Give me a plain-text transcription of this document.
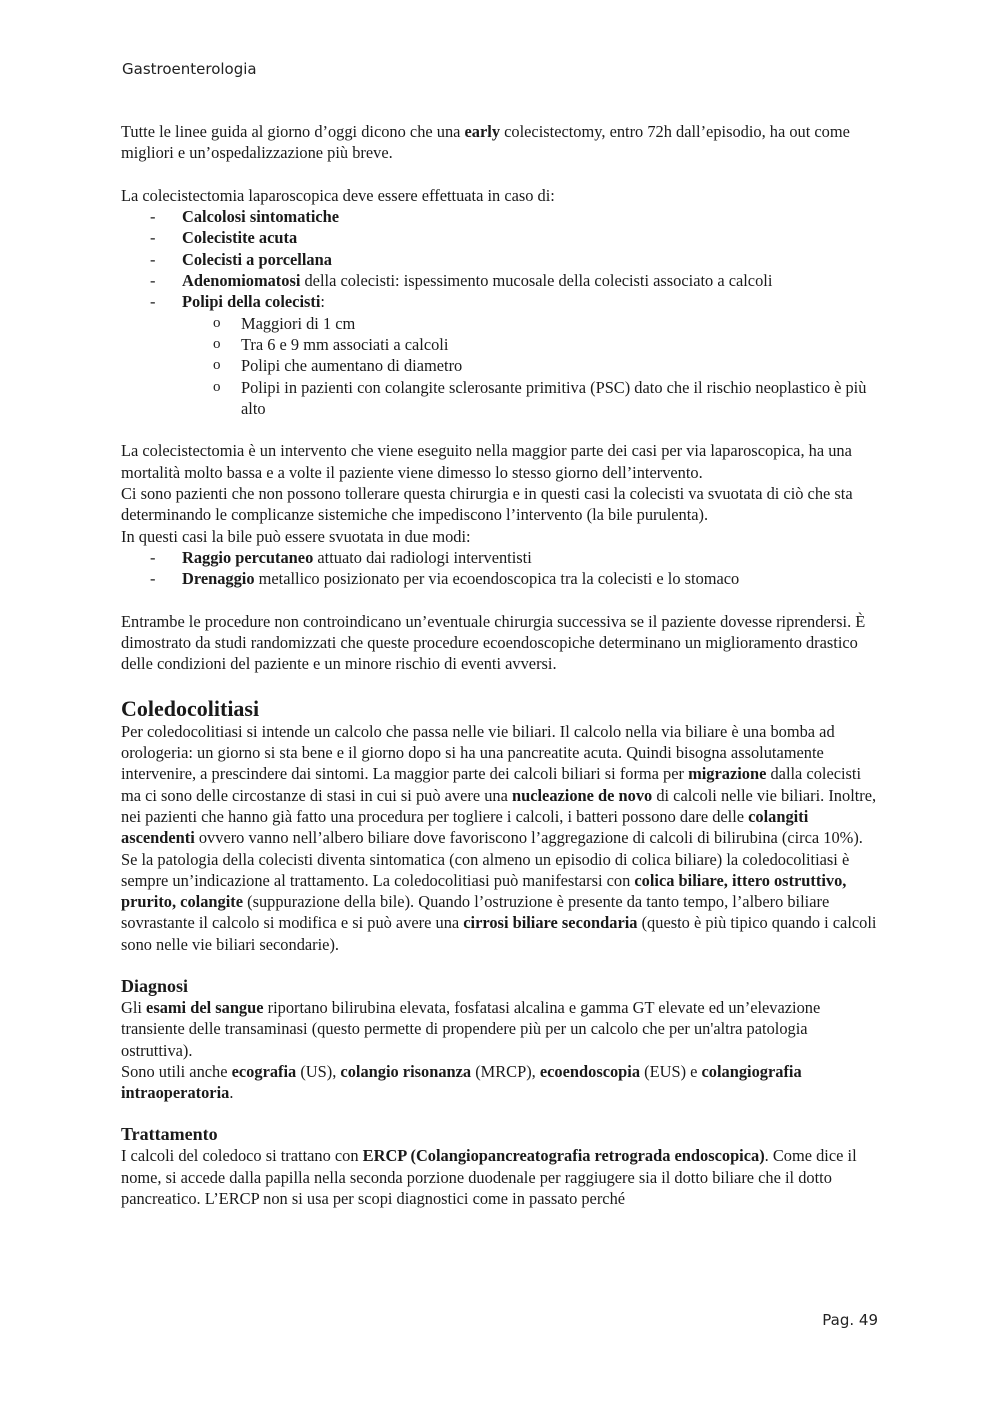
Gastroenterologia

Tutte le linee guida al giorno d’oggi dicono che una early colecistectomy, entro 72h dall’episodio, ha out come migliori e un’ospedalizzazione più breve.

La colecistectomia laparoscopica deve essere effettuata in caso di:

- Calcolosi sintomatiche
- Colecistite acuta
- Colecisti a porcellana
- Adenomiomatosi della colecisti: ispessimento mucosale della colecisti associato a calcoli
- Polipi della colecisti:
o Maggiori di 1 cm
o Tra 6 e 9 mm associati a calcoli
o Polipi che aumentano di diametro
o Polipi in pazienti con colangite sclerosante primitiva (PSC) dato che il rischio neoplastico è più alto

La colecistectomia è un intervento che viene eseguito nella maggior parte dei casi per via laparoscopica, ha una mortalità molto bassa e a volte il paziente viene dimesso lo stesso giorno dell’intervento.

Ci sono pazienti che non possono tollerare questa chirurgia e in questi casi la colecisti va svuotata di ciò che sta determinando le complicanze sistemiche che impediscono l’intervento (la bile purulenta).

In questi casi la bile può essere svuotata in due modi:

- Raggio percutaneo attuato dai radiologi interventisti
- Drenaggio metallico posizionato per via ecoendoscopica tra la colecisti e lo stomaco

Entrambe le procedure non controindicano un’eventuale chirurgia successiva se il paziente dovesse riprendersi. È dimostrato da studi randomizzati che queste procedure ecoendoscopiche determinano un miglioramento drastico delle condizioni del paziente e un minore rischio di eventi avversi.

Coledocolitiasi

Per coledocolitiasi si intende un calcolo che passa nelle vie biliari. Il calcolo nella via biliare è una bomba ad orologeria: un giorno si sta bene e il giorno dopo si ha una pancreatite acuta. Quindi bisogna assolutamente intervenire, a prescindere dai sintomi. La maggior parte dei calcoli biliari si forma per migrazione dalla colecisti ma ci sono delle circostanze di stasi in cui si può avere una nucleazione de novo di calcoli nelle vie biliari. Inoltre, nei pazienti che hanno già fatto una procedura per togliere i calcoli, i batteri possono dare delle colangiti ascendenti ovvero vanno nell’albero biliare dove favoriscono l’aggregazione di calcoli di bilirubina (circa 10%).

Se la patologia della colecisti diventa sintomatica (con almeno un episodio di colica biliare) la coledocolitiasi è sempre un’indicazione al trattamento. La coledocolitiasi può manifestarsi con colica biliare, ittero ostruttivo, prurito, colangite (suppurazione della bile). Quando l’ostruzione è presente da tanto tempo, l’albero biliare sovrastante il calcolo si modifica e si può avere una cirrosi biliare secondaria (questo è più tipico quando i calcoli sono nelle vie biliari secondarie).

Diagnosi

Gli esami del sangue riportano bilirubina elevata, fosfatasi alcalina e gamma GT elevate ed un’elevazione transiente delle transaminasi (questo permette di propendere più per un calcolo che per un'altra patologia ostruttiva).

Sono utili anche ecografia (US), colangio risonanza (MRCP), ecoendoscopia (EUS) e colangiografia intraoperatoria.

Trattamento

I calcoli del coledoco si trattano con ERCP (Colangiopancreatografia retrograda endoscopica). Come dice il nome, si accede dalla papilla nella seconda porzione duodenale per raggiugere sia il dotto biliare che il dotto pancreatico. L’ERCP non si usa per scopi diagnostici come in passato perché

Pag. 49
